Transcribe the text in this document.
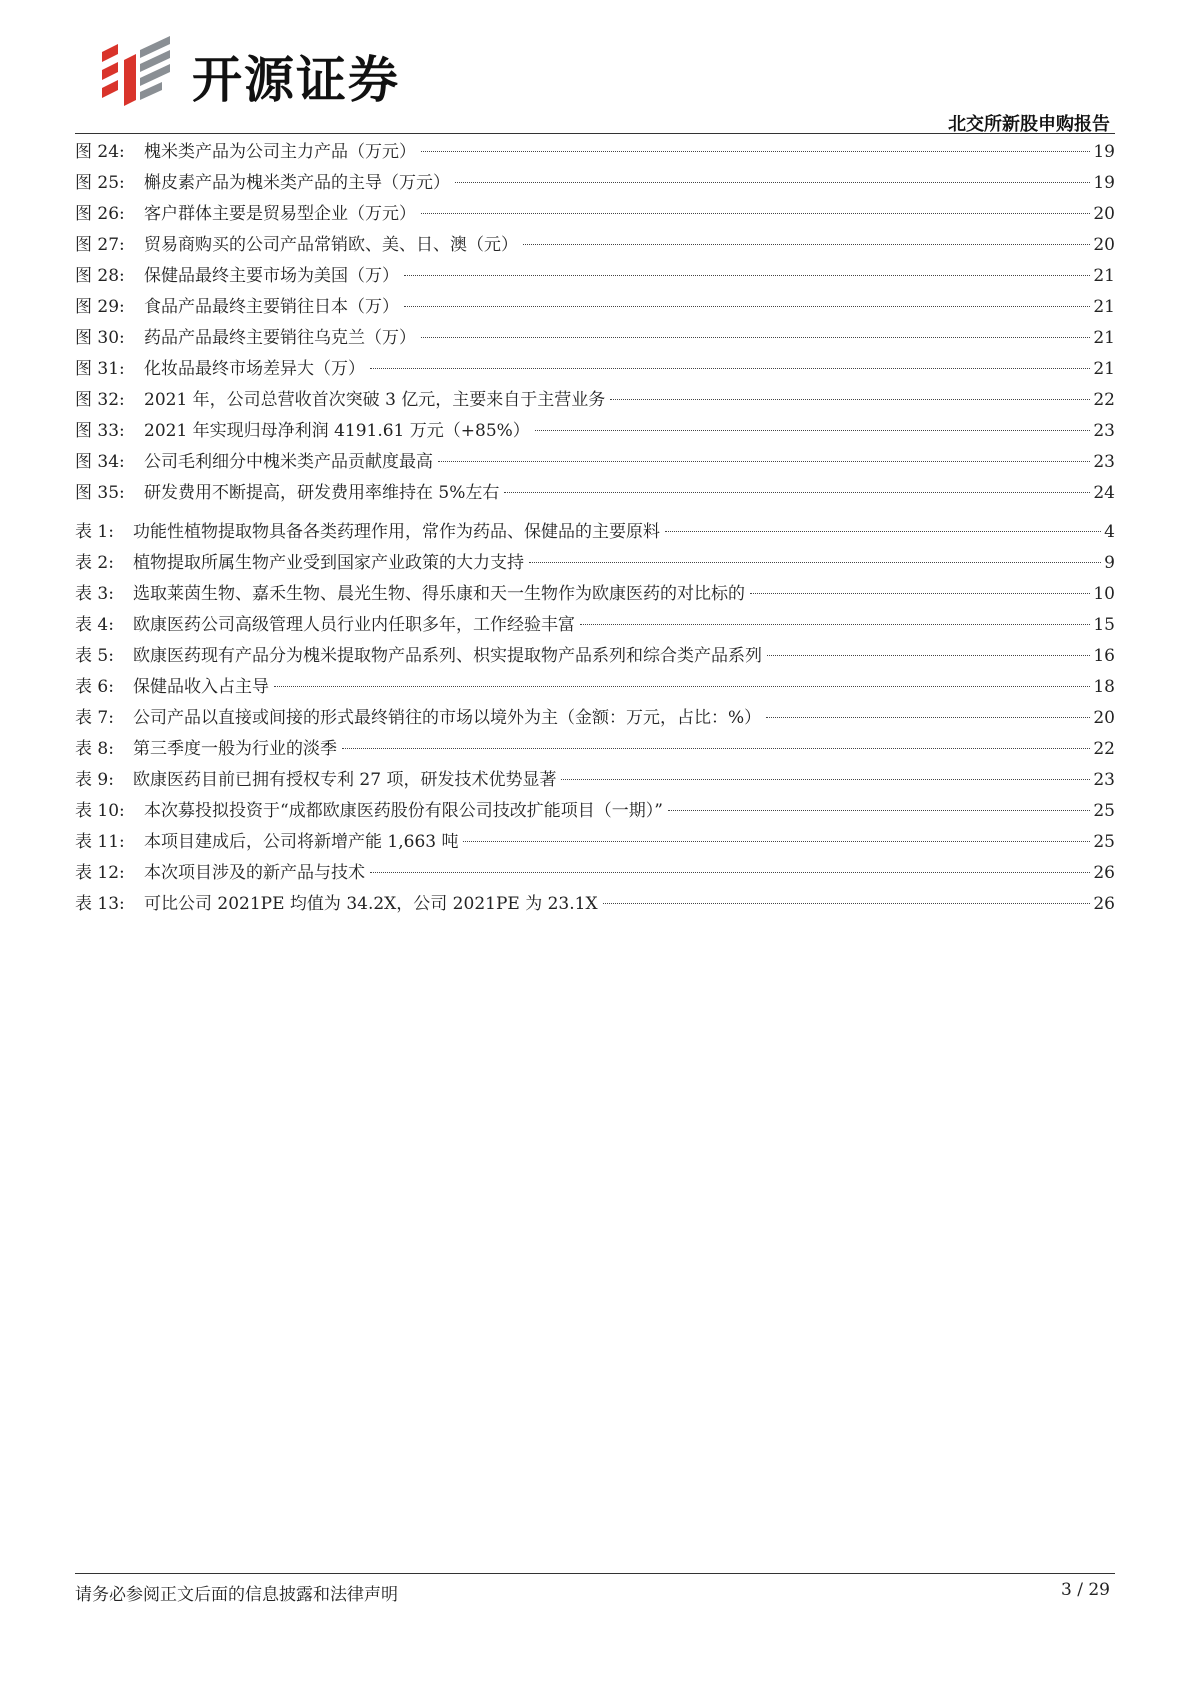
开源证券
北交所新股申购报告
图 24:	槐米类产品为公司主力产品（万元）	19
图 25:	槲皮素产品为槐米类产品的主导（万元）	19
图 26:	客户群体主要是贸易型企业（万元）	20
图 27:	贸易商购买的公司产品常销欧、美、日、澳（元）	20
图 28:	保健品最终主要市场为美国（万）	21
图 29:	食品产品最终主要销往日本（万）	21
图 30:	药品产品最终主要销往乌克兰（万）	21
图 31:	化妆品最终市场差异大（万）	21
图 32:	2021 年，公司总营收首次突破 3 亿元，主要来自于主营业务	22
图 33:	2021 年实现归母净利润 4191.61 万元（+85%）	23
图 34:	公司毛利细分中槐米类产品贡献度最高	23
图 35:	研发费用不断提高，研发费用率维持在 5%左右	24
表 1:	功能性植物提取物具备各类药理作用，常作为药品、保健品的主要原料	4
表 2:	植物提取所属生物产业受到国家产业政策的大力支持	9
表 3:	选取莱茵生物、嘉禾生物、晨光生物、得乐康和天一生物作为欧康医药的对比标的	10
表 4:	欧康医药公司高级管理人员行业内任职多年，工作经验丰富	15
表 5:	欧康医药现有产品分为槐米提取物产品系列、枳实提取物产品系列和综合类产品系列	16
表 6:	保健品收入占主导	18
表 7:	公司产品以直接或间接的形式最终销往的市场以境外为主（金额：万元，占比：%）	20
表 8:	第三季度一般为行业的淡季	22
表 9:	欧康医药目前已拥有授权专利 27 项，研发技术优势显著	23
表 10:	本次募投拟投资于“成都欧康医药股份有限公司技改扩能项目（一期）”	25
表 11:	本项目建成后，公司将新增产能 1,663 吨	25
表 12:	本次项目涉及的新产品与技术	26
表 13:	可比公司 2021PE 均值为 34.2X，公司 2021PE 为 23.1X	26
请务必参阅正文后面的信息披露和法律声明	3 / 29
